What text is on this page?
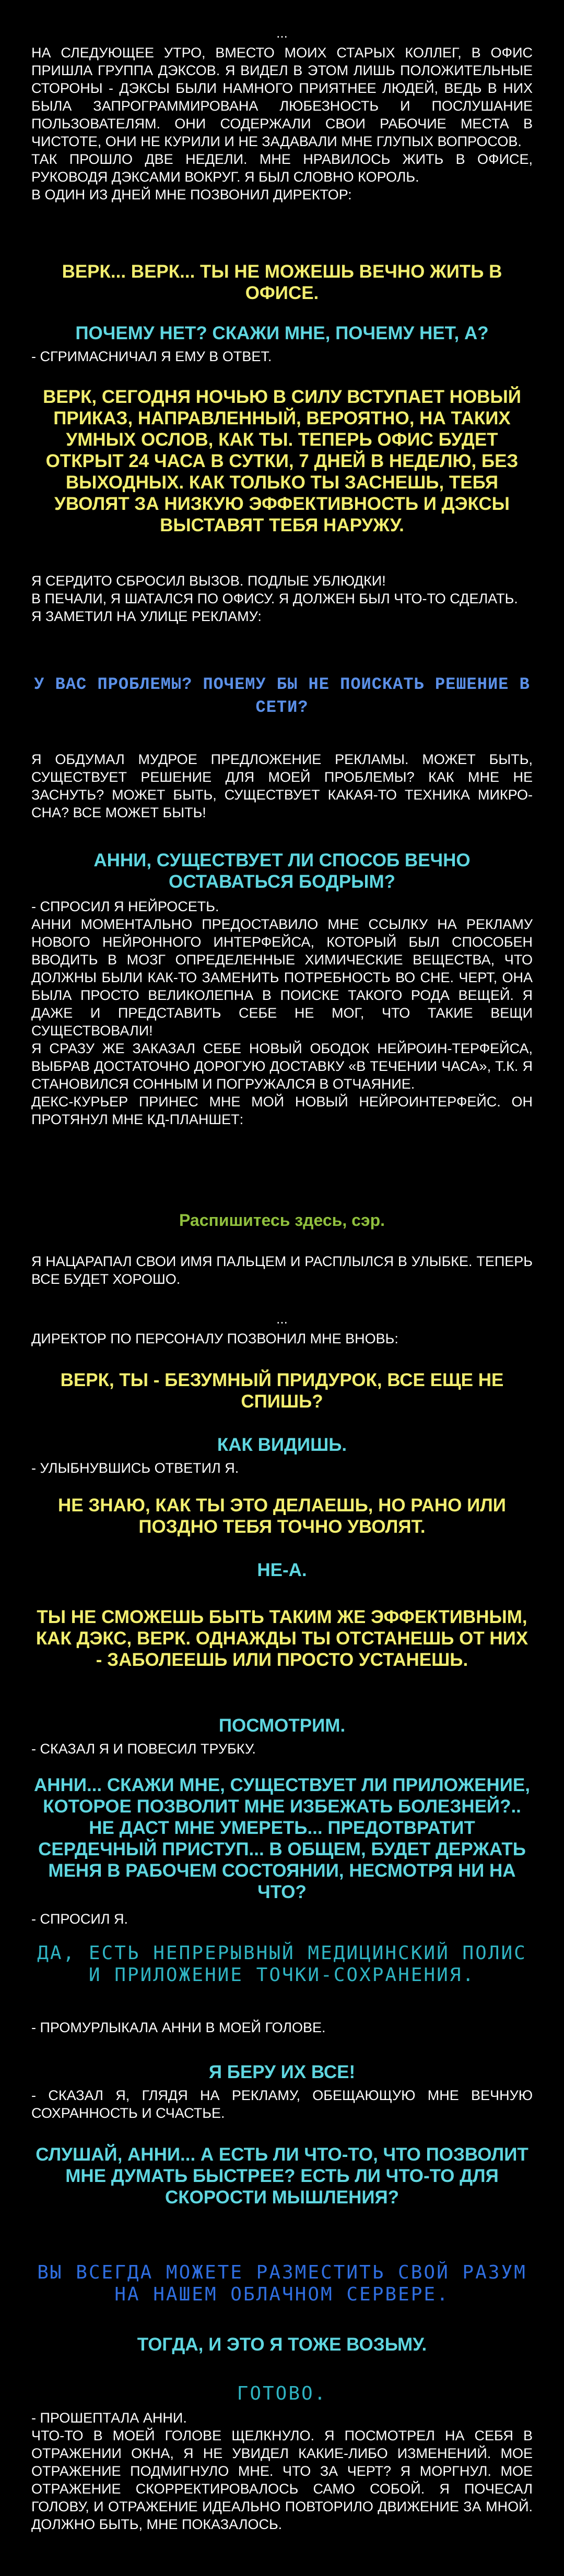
...

НА СЛЕДУЮЩЕЕ УТРО, ВМЕСТО МОИХ СТАРЫХ КОЛЛЕГ, В ОФИС ПРИШЛА ГРУППА ДЭКСОВ. Я ВИДЕЛ В ЭТОМ ЛИШЬ ПОЛОЖИТЕЛЬНЫЕ СТОРОНЫ - ДЭКСЫ БЫЛИ НАМНОГО ПРИЯТНЕЕ ЛЮДЕЙ, ВЕДЬ В НИХ БЫЛА ЗАПРОГРАММИРОВАНА ЛЮБЕЗНОСТЬ И ПОСЛУШАНИЕ ПОЛЬЗОВАТЕЛЯМ. ОНИ СОДЕРЖАЛИ СВОИ РАБОЧИЕ МЕСТА В ЧИСТОТЕ, ОНИ НЕ КУРИЛИ И НЕ ЗАДАВАЛИ МНЕ ГЛУПЫХ ВОПРОСОВ.

ТАК ПРОШЛО ДВЕ НЕДЕЛИ. МНЕ НРАВИЛОСЬ ЖИТЬ В ОФИСЕ, РУКОВОДЯ ДЭКСАМИ ВОКРУГ. Я БЫЛ СЛОВНО КОРОЛЬ.

В ОДИН ИЗ ДНЕЙ МНЕ ПОЗВОНИЛ ДИРЕКТОР:

ВЕРК... ВЕРК... ТЫ НЕ МОЖЕШЬ ВЕЧНО ЖИТЬ В ОФИСЕ.
ПОЧЕМУ НЕТ? СКАЖИ МНЕ, ПОЧЕМУ НЕТ, А?
- СГРИМАСНИЧАЛ Я ЕМУ В ОТВЕТ.
ВЕРК, СЕГОДНЯ НОЧЬЮ В СИЛУ ВСТУПАЕТ НОВЫЙ ПРИКАЗ, НАПРАВЛЕННЫЙ, ВЕРОЯТНО, НА ТАКИХ УМНЫХ ОСЛОВ, КАК ТЫ. ТЕПЕРЬ ОФИС БУДЕТ ОТКРЫТ 24 ЧАСА В СУТКИ, 7 ДНЕЙ В НЕДЕЛЮ, БЕЗ ВЫХОДНЫХ. КАК ТОЛЬКО ТЫ ЗАСНЕШЬ, ТЕБЯ УВОЛЯТ ЗА НИЗКУЮ ЭФФЕКТИВНОСТЬ И ДЭКСЫ ВЫСТАВЯТ ТЕБЯ НАРУЖУ.

Я СЕРДИТО СБРОСИЛ ВЫЗОВ. ПОДЛЫЕ УБЛЮДКИ!

В ПЕЧАЛИ, Я ШАТАЛСЯ ПО ОФИСУ. Я ДОЛЖЕН БЫЛ ЧТО-ТО СДЕЛАТЬ.

Я ЗАМЕТИЛ НА УЛИЦЕ РЕКЛАМУ:

У ВАС ПРОБЛЕМЫ? ПОЧЕМУ БЫ НЕ ПОИСКАТЬ РЕШЕНИЕ В СЕТИ?
Я ОБДУМАЛ МУДРОЕ ПРЕДЛОЖЕНИЕ РЕКЛАМЫ. МОЖЕТ БЫТЬ, СУЩЕСТВУЕТ РЕШЕНИЕ ДЛЯ МОЕЙ ПРОБЛЕМЫ? КАК МНЕ НЕ ЗАСНУТЬ? МОЖЕТ БЫТЬ, СУЩЕСТВУЕТ КАКАЯ-ТО ТЕХНИКА МИКРО-СНА? ВСЕ МОЖЕТ БЫТЬ!
АННИ, СУЩЕСТВУЕТ ЛИ СПОСОБ ВЕЧНО ОСТАВАТЬСЯ БОДРЫМ?

- СПРОСИЛ Я НЕЙРОСЕТЬ.

АННИ МОМЕНТАЛЬНО ПРЕДОСТАВИЛО МНЕ ССЫЛКУ НА РЕКЛАМУ НОВОГО НЕЙРОННОГО ИНТЕРФЕЙСА, КОТОРЫЙ БЫЛ СПОСОБЕН ВВОДИТЬ В МОЗГ ОПРЕДЕЛЕННЫЕ ХИМИЧЕСКИЕ ВЕЩЕСТВА, ЧТО ДОЛЖНЫ БЫЛИ КАК-ТО ЗАМЕНИТЬ ПОТРЕБНОСТЬ ВО СНЕ. ЧЕРТ, ОНА БЫЛА ПРОСТО ВЕЛИКОЛЕПНА В ПОИСКЕ ТАКОГО РОДА ВЕЩЕЙ. Я ДАЖЕ И ПРЕДСТАВИТЬ СЕБЕ НЕ МОГ, ЧТО ТАКИЕ ВЕЩИ СУЩЕСТВОВАЛИ!

Я СРАЗУ ЖЕ ЗАКАЗАЛ СЕБЕ НОВЫЙ ОБОДОК НЕЙРОИН-ТЕРФЕЙСА, ВЫБРАВ ДОСТАТОЧНО ДОРОГУЮ ДОСТАВКУ «В ТЕЧЕНИИ ЧАСА», Т.К. Я СТАНОВИЛСЯ СОННЫМ И ПОГРУЖАЛСЯ В ОТЧАЯНИЕ.

ДЕКС-КУРЬЕР ПРИНЕС МНЕ МОЙ НОВЫЙ НЕЙРОИНТЕРФЕЙС. ОН ПРОТЯНУЛ МНЕ КД-ПЛАНШЕТ:

Распишитесь здесь, сэр.
Я НАЦАРАПАЛ СВОИ ИМЯ ПАЛЬЦЕМ И РАСПЛЫЛСЯ В УЛЫБКЕ. ТЕПЕРЬ ВСЕ БУДЕТ ХОРОШО.
...
ДИРЕКТОР ПО ПЕРСОНАЛУ ПОЗВОНИЛ МНЕ ВНОВЬ:
ВЕРК, ТЫ - БЕЗУМНЫЙ ПРИДУРОК, ВСЕ ЕЩЕ НЕ СПИШЬ?
КАК ВИДИШЬ.
- УЛЫБНУВШИСЬ ОТВЕТИЛ Я.
НЕ ЗНАЮ, КАК ТЫ ЭТО ДЕЛАЕШЬ, НО РАНО ИЛИ ПОЗДНО ТЕБЯ ТОЧНО УВОЛЯТ.
НЕ-А.
ТЫ НЕ СМОЖЕШЬ БЫТЬ ТАКИМ ЖЕ ЭФФЕКТИВНЫМ, КАК ДЭКС, ВЕРК. ОДНАЖДЫ ТЫ ОТСТАНЕШЬ ОТ НИХ - ЗАБОЛЕЕШЬ ИЛИ ПРОСТО УСТАНЕШЬ.
ПОСМОТРИМ.
- СКАЗАЛ Я И ПОВЕСИЛ ТРУБКУ.
АННИ... СКАЖИ МНЕ, СУЩЕСТВУЕТ ЛИ ПРИЛОЖЕНИЕ, КОТОРОЕ ПОЗВОЛИТ МНЕ ИЗБЕЖАТЬ БОЛЕЗНЕЙ?.. НЕ ДАСТ МНЕ УМЕРЕТЬ... ПРЕДОТВРАТИТ СЕРДЕЧНЫЙ ПРИСТУП... В ОБЩЕМ, БУДЕТ ДЕРЖАТЬ МЕНЯ В РАБОЧЕМ СОСТОЯНИИ, НЕСМОТРЯ НИ НА ЧТО?
- СПРОСИЛ Я.
ДА, ЕСТЬ НЕПРЕРЫВНЫЙ МЕДИЦИНСКИЙ ПОЛИС И ПРИЛОЖЕНИЕ ТОЧКИ-СОХРАНЕНИЯ.
- ПРОМУРЛЫКАЛА АННИ В МОЕЙ ГОЛОВЕ.
Я БЕРУ ИХ ВСЕ!
- СКАЗАЛ Я, ГЛЯДЯ НА РЕКЛАМУ, ОБЕЩАЮЩУЮ МНЕ ВЕЧНУЮ СОХРАННОСТЬ И СЧАСТЬЕ.
СЛУШАЙ, АННИ... А ЕСТЬ ЛИ ЧТО-ТО, ЧТО ПОЗВОЛИТ МНЕ ДУМАТЬ БЫСТРЕЕ? ЕСТЬ ЛИ ЧТО-ТО ДЛЯ СКОРОСТИ МЫШЛЕНИЯ?
ВЫ ВСЕГДА МОЖЕТЕ РАЗМЕСТИТЬ СВОЙ РАЗУМ НА НАШЕМ ОБЛАЧНОМ СЕРВЕРЕ.
ТОГДА, И ЭТО Я ТОЖЕ ВОЗЬМУ.
ГОТОВО.

- ПРОШЕПТАЛА АННИ.

ЧТО-ТО В МОЕЙ ГОЛОВЕ ЩЕЛКНУЛО. Я ПОСМОТРЕЛ НА СЕБЯ В ОТРАЖЕНИИ ОКНА, Я НЕ УВИДЕЛ КАКИЕ-ЛИБО ИЗМЕНЕНИЙ. МОЕ ОТРАЖЕНИЕ ПОДМИГНУЛО МНЕ. ЧТО ЗА ЧЕРТ? Я МОРГНУЛ. МОЕ ОТРАЖЕНИЕ СКОРРЕКТИРОВАЛОСЬ САМО СОБОЙ. Я ПОЧЕСАЛ ГОЛОВУ, И ОТРАЖЕНИЕ ИДЕАЛЬНО ПОВТОРИЛО ДВИЖЕНИЕ ЗА МНОЙ. ДОЛЖНО БЫТЬ, МНЕ ПОКАЗАЛОСЬ.
